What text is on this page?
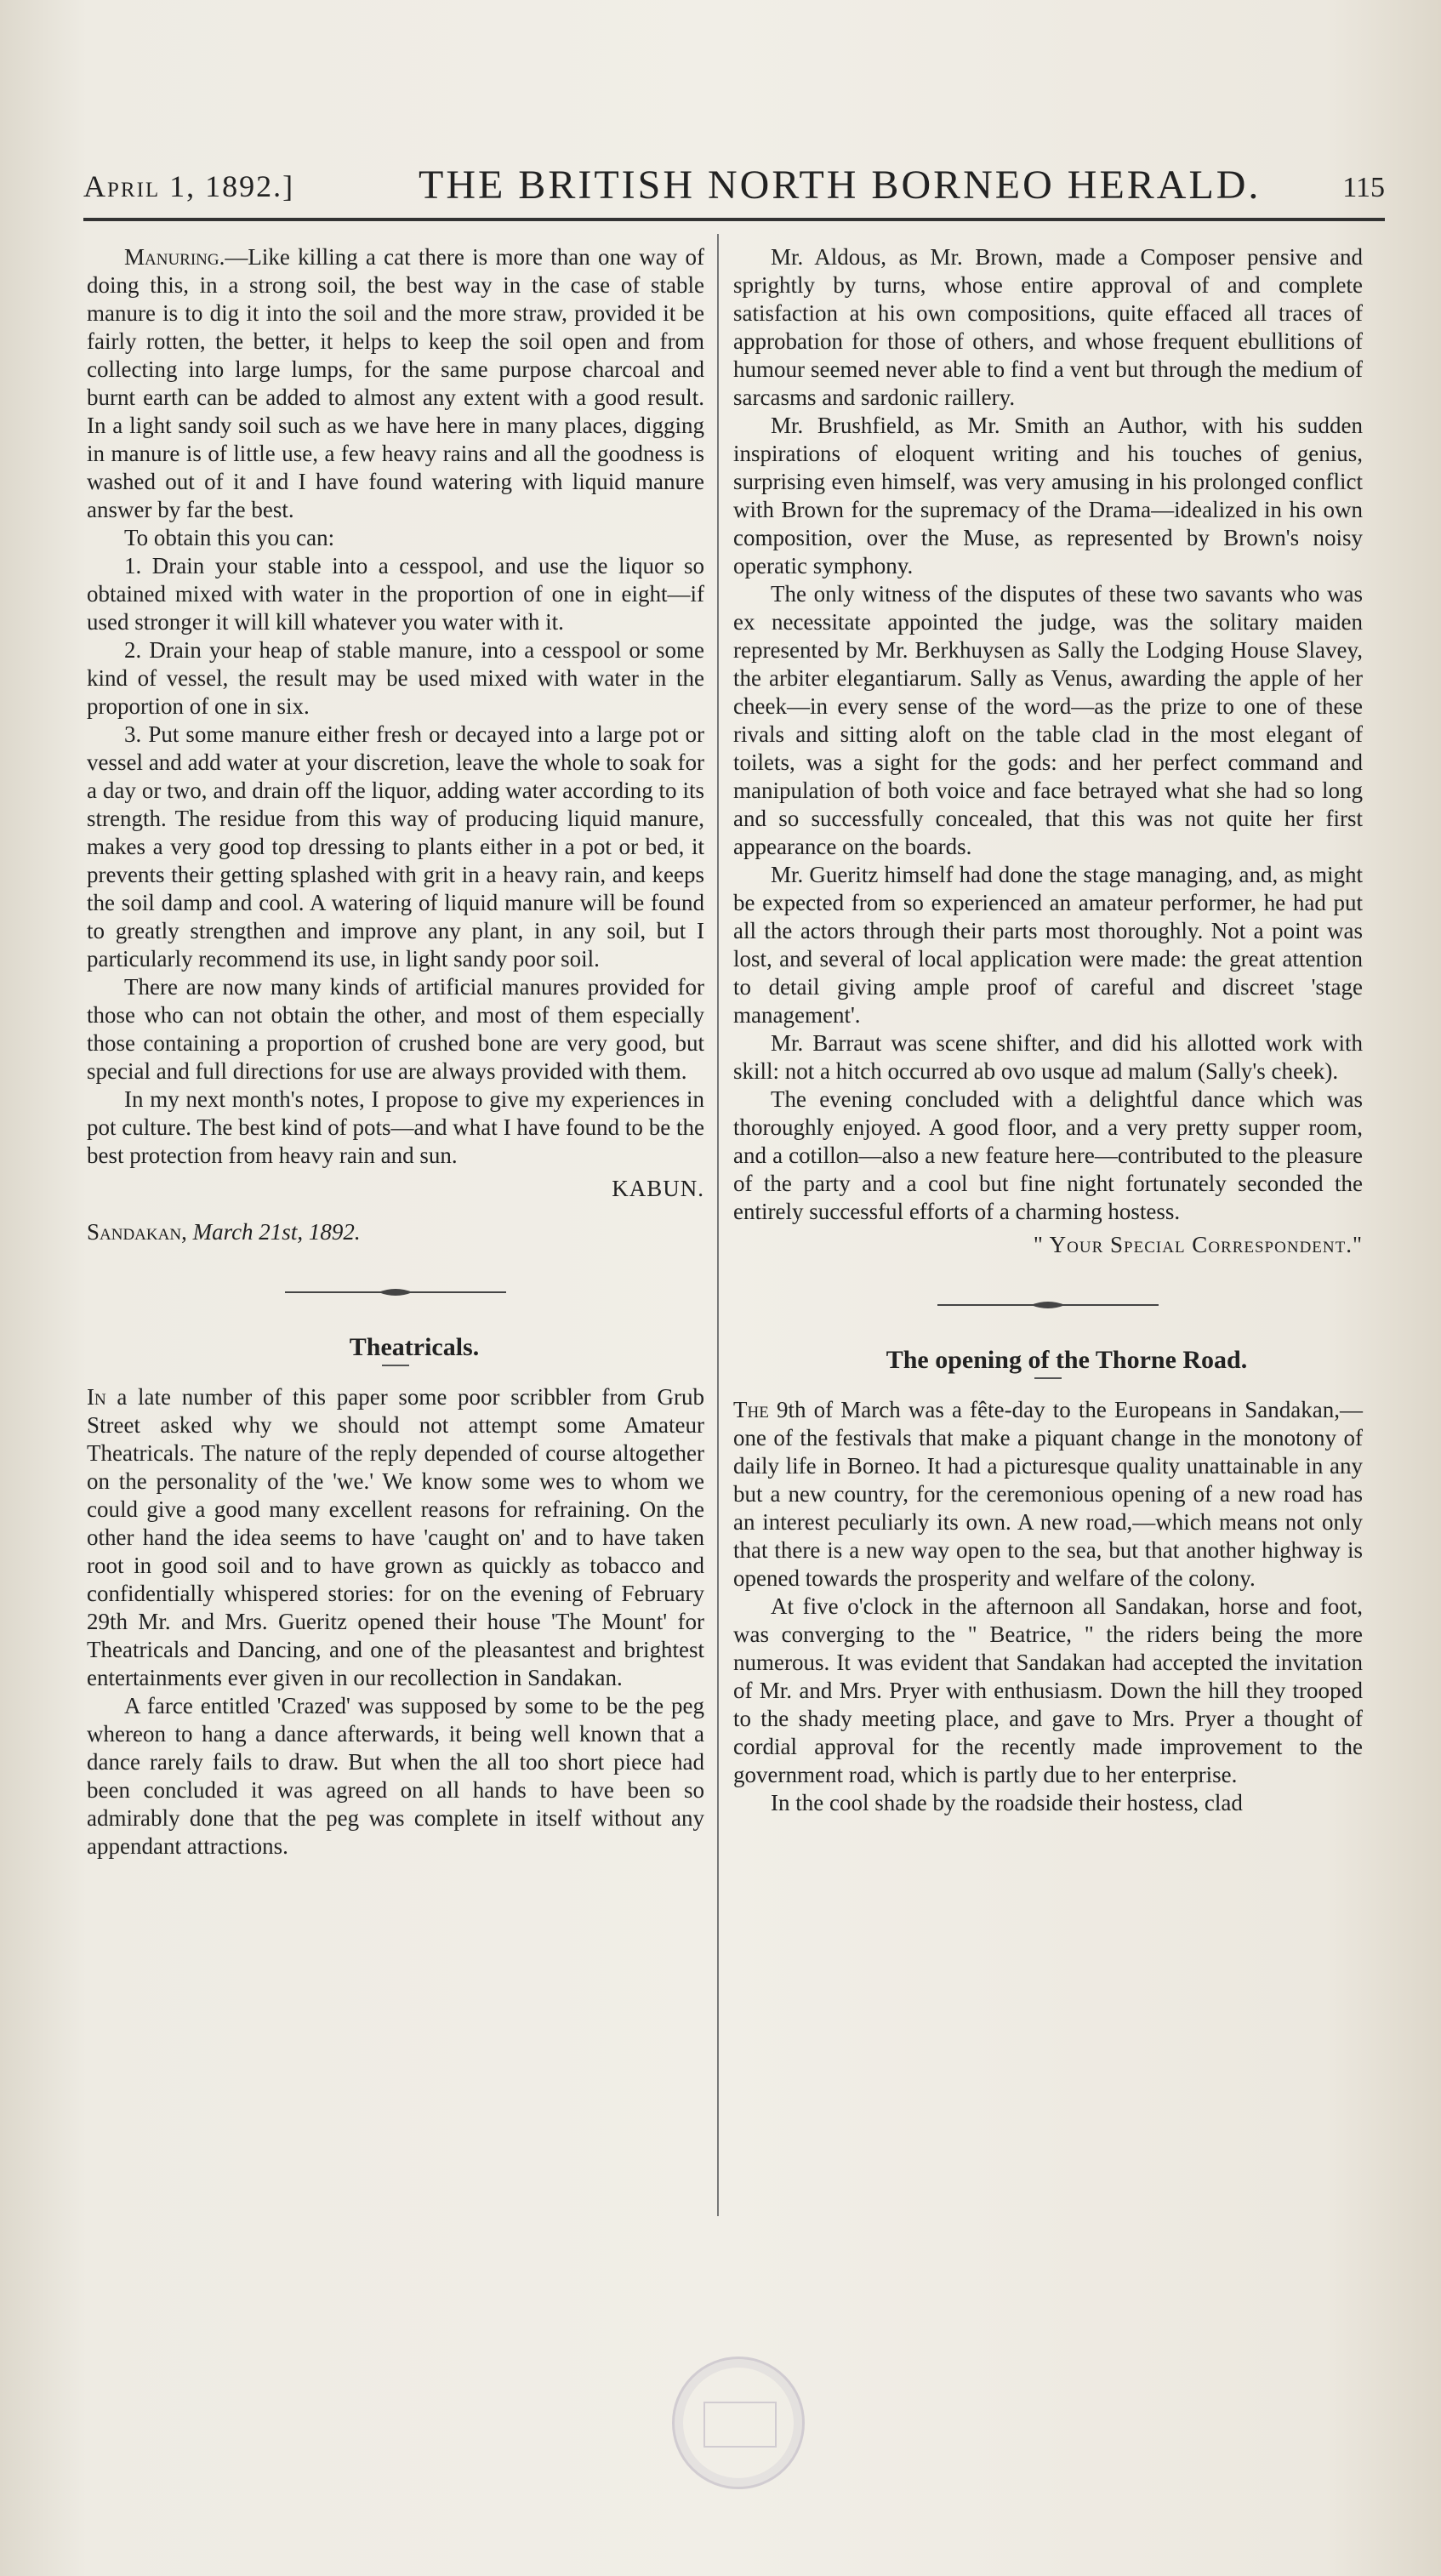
April 1, 1892.]	THE BRITISH NORTH BORNEO HERALD.	115

Manuring.—Like killing a cat there is more than one way of doing this, in a strong soil, the best way in the case of stable manure is to dig it into the soil and the more straw, provided it be fairly rotten, the better, it helps to keep the soil open and from collecting into large lumps, for the same purpose charcoal and burnt earth can be added to almost any extent with a good result. In a light sandy soil such as we have here in many places, digging in manure is of little use, a few heavy rains and all the goodness is washed out of it and I have found watering with liquid manure answer by far the best.

To obtain this you can:

1. Drain your stable into a cesspool, and use the liquor so obtained mixed with water in the proportion of one in eight—if used stronger it will kill whatever you water with it.

2. Drain your heap of stable manure, into a cesspool or some kind of vessel, the result may be used mixed with water in the proportion of one in six.

3. Put some manure either fresh or decayed into a large pot or vessel and add water at your discretion, leave the whole to soak for a day or two, and drain off the liquor, adding water according to its strength. The residue from this way of producing liquid manure, makes a very good top dressing to plants either in a pot or bed, it prevents their getting splashed with grit in a heavy rain, and keeps the soil damp and cool. A watering of liquid manure will be found to greatly strengthen and improve any plant, in any soil, but I particularly recommend its use, in light sandy poor soil.

There are now many kinds of artificial manures provided for those who can not obtain the other, and most of them especially those containing a proportion of crushed bone are very good, but special and full directions for use are always provided with them.

In my next month's notes, I propose to give my experiences in pot culture. The best kind of pots—and what I have found to be the best protection from heavy rain and sun.

KABUN.
Sandakan, March 21st, 1892.

Theatricals.

In a late number of this paper some poor scribbler from Grub Street asked why we should not attempt some Amateur Theatricals. The nature of the reply depended of course altogether on the personality of the 'we.' We know some wes to whom we could give a good many excellent reasons for refraining. On the other hand the idea seems to have 'caught on' and to have taken root in good soil and to have grown as quickly as tobacco and confidentially whispered stories: for on the evening of February 29th Mr. and Mrs. Gueritz opened their house 'The Mount' for Theatricals and Dancing, and one of the pleasantest and brightest entertainments ever given in our recollection in Sandakan.

A farce entitled 'Crazed' was supposed by some to be the peg whereon to hang a dance afterwards, it being well known that a dance rarely fails to draw. But when the all too short piece had been concluded it was agreed on all hands to have been so admirably done that the peg was complete in itself without any appendant attractions.

Mr. Aldous, as Mr. Brown, made a Composer pensive and sprightly by turns, whose entire approval of and complete satisfaction at his own compositions, quite effaced all traces of approbation for those of others, and whose frequent ebullitions of humour seemed never able to find a vent but through the medium of sarcasms and sardonic raillery.

Mr. Brushfield, as Mr. Smith an Author, with his sudden inspirations of eloquent writing and his touches of genius, surprising even himself, was very amusing in his prolonged conflict with Brown for the supremacy of the Drama—idealized in his own composition, over the Muse, as represented by Brown's noisy operatic symphony.

The only witness of the disputes of these two savants who was ex necessitate appointed the judge, was the solitary maiden represented by Mr. Berkhuysen as Sally the Lodging House Slavey, the arbiter elegantiarum. Sally as Venus, awarding the apple of her cheek—in every sense of the word—as the prize to one of these rivals and sitting aloft on the table clad in the most elegant of toilets, was a sight for the gods: and her perfect command and manipulation of both voice and face betrayed what she had so long and so successfully concealed, that this was not quite her first appearance on the boards.

Mr. Gueritz himself had done the stage managing, and, as might be expected from so experienced an amateur performer, he had put all the actors through their parts most thoroughly. Not a point was lost, and several of local application were made: the great attention to detail giving ample proof of careful and discreet 'stage management'.

Mr. Barraut was scene shifter, and did his allotted work with skill: not a hitch occurred ab ovo usque ad malum (Sally's cheek).

The evening concluded with a delightful dance which was thoroughly enjoyed. A good floor, and a very pretty supper room, and a cotillon—also a new feature here—contributed to the pleasure of the party and a cool but fine night fortunately seconded the entirely successful efforts of a charming hostess.

" Your Special Correspondent."

The opening of the Thorne Road.

The 9th of March was a fête-day to the Europeans in Sandakan,—one of the festivals that make a piquant change in the monotony of daily life in Borneo. It had a picturesque quality unattainable in any but a new country, for the ceremonious opening of a new road has an interest peculiarly its own. A new road,—which means not only that there is a new way open to the sea, but that another highway is opened towards the prosperity and welfare of the colony.

At five o'clock in the afternoon all Sandakan, horse and foot, was converging to the " Beatrice, " the riders being the more numerous. It was evident that Sandakan had accepted the invitation of Mr. and Mrs. Pryer with enthusiasm. Down the hill they trooped to the shady meeting place, and gave to Mrs. Pryer a thought of cordial approval for the recently made improvement to the government road, which is partly due to her enterprise.

In the cool shade by the roadside their hostess, clad
